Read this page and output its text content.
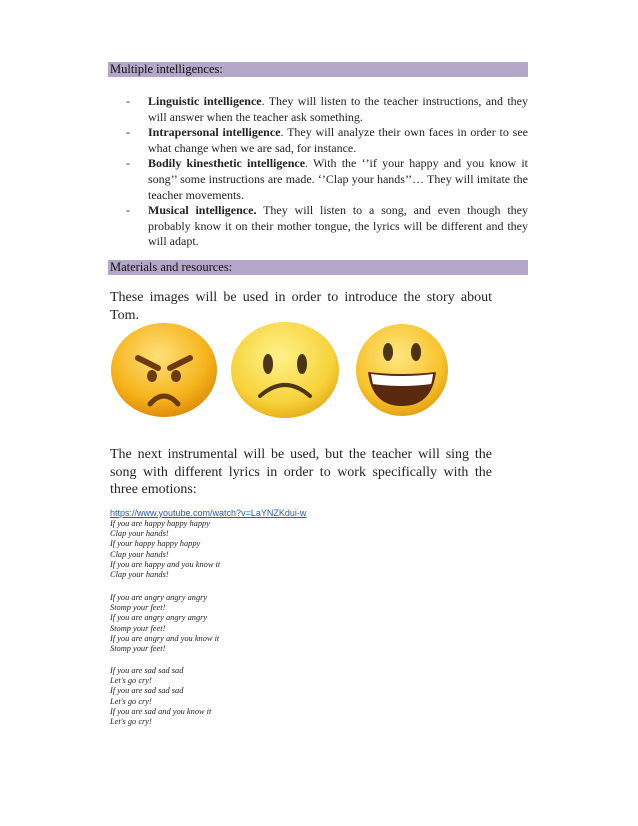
Multiple intelligences:
- Linguistic intelligence. They will listen to the teacher instructions, and they will answer when the teacher ask something.
- Intrapersonal intelligence. They will analyze their own faces in order to see what change when we are sad, for instance.
- Bodily kinesthetic intelligence. With the ‘’if your happy and you know it song’’ some instructions are made. ‘’Clap your hands’’… They will imitate the teacher movements.
- Musical intelligence. They will listen to a song, and even though they probably know it on their mother tongue, the lyrics will be different and they will adapt.
Materials and resources:
These images will be used in order to introduce the story about Tom.
The next instrumental will be used, but the teacher will sing the song with different lyrics in order to work specifically with the three emotions:
https://www.youtube.com/watch?v=LaYNZKdui-w
If you are happy happy happy
Clap your hands!
If your happy happy happy
Clap your hands!
If you are happy and you know it
Clap your hands!
If you are angry angry angry
Stomp your feet!
If you are angry angry angry
Stomp your feet!
If you are angry and you know it
Stomp your feet!
If you are sad sad sad
Let's go cry!
If you are sad sad sad
Let's go cry!
If you are sad and you know it
Let's go cry!
